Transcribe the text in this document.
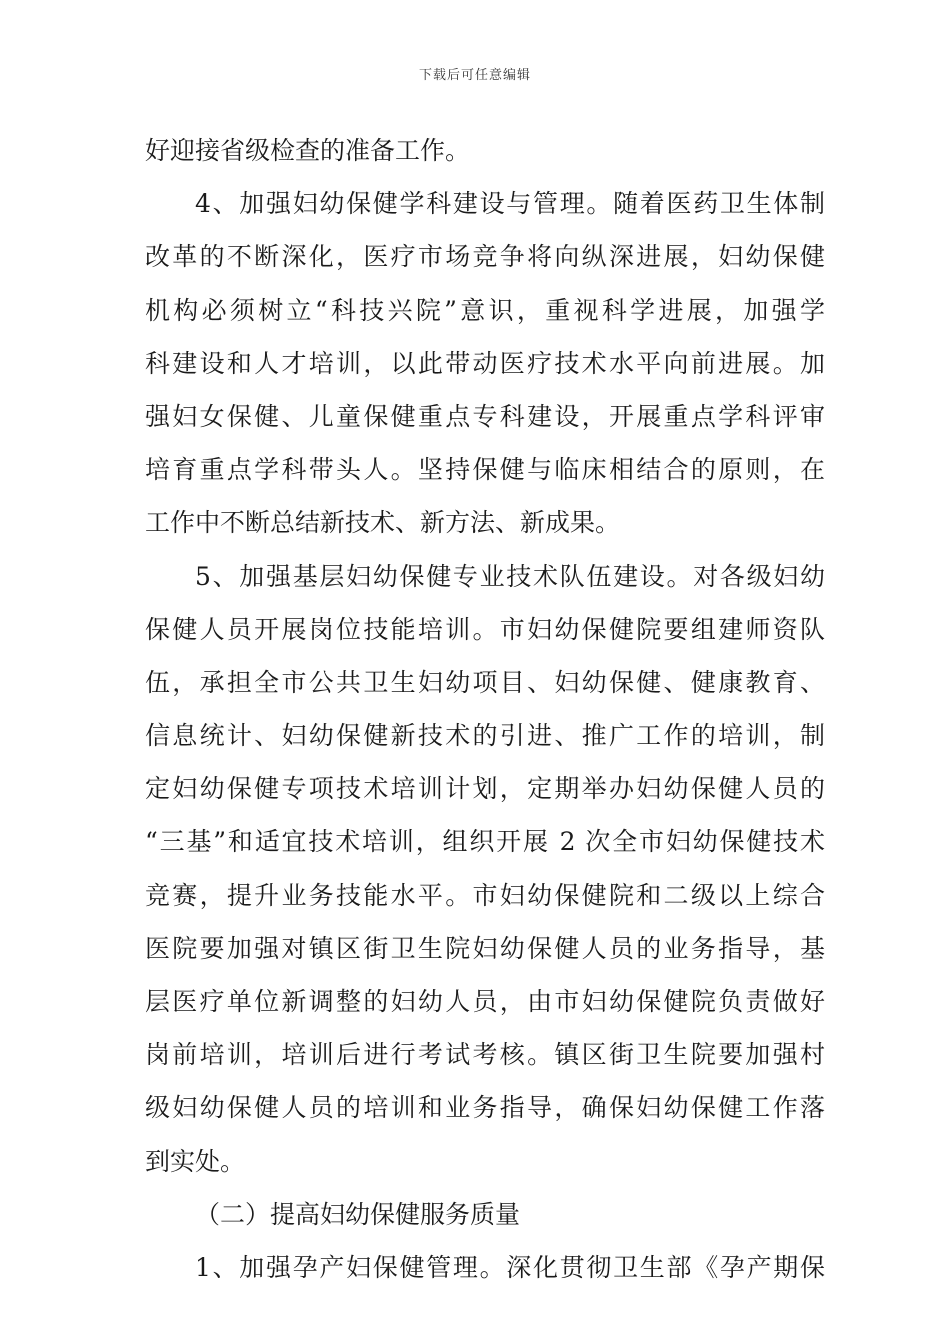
下载后可任意编辑
好迎接省级检查的准备工作。
4、加强妇幼保健学科建设与管理。随着医药卫生体制
改革的不断深化，医疗市场竞争将向纵深进展，妇幼保健
机构必须树立“科技兴院”意识，重视科学进展，加强学
科建设和人才培训，以此带动医疗技术水平向前进展。加
强妇女保健、儿童保健重点专科建设，开展重点学科评审
培育重点学科带头人。坚持保健与临床相结合的原则，在
工作中不断总结新技术、新方法、新成果。
5、加强基层妇幼保健专业技术队伍建设。对各级妇幼
保健人员开展岗位技能培训。市妇幼保健院要组建师资队
伍，承担全市公共卫生妇幼项目、妇幼保健、健康教育、
信息统计、妇幼保健新技术的引进、推广工作的培训，制
定妇幼保健专项技术培训计划，定期举办妇幼保健人员的
“三基”和适宜技术培训，组织开展 2 次全市妇幼保健技术
竞赛，提升业务技能水平。市妇幼保健院和二级以上综合
医院要加强对镇区街卫生院妇幼保健人员的业务指导，基
层医疗单位新调整的妇幼人员，由市妇幼保健院负责做好
岗前培训，培训后进行考试考核。镇区街卫生院要加强村
级妇幼保健人员的培训和业务指导，确保妇幼保健工作落
到实处。
（二）提高妇幼保健服务质量
1、加强孕产妇保健管理。深化贯彻卫生部《孕产期保
